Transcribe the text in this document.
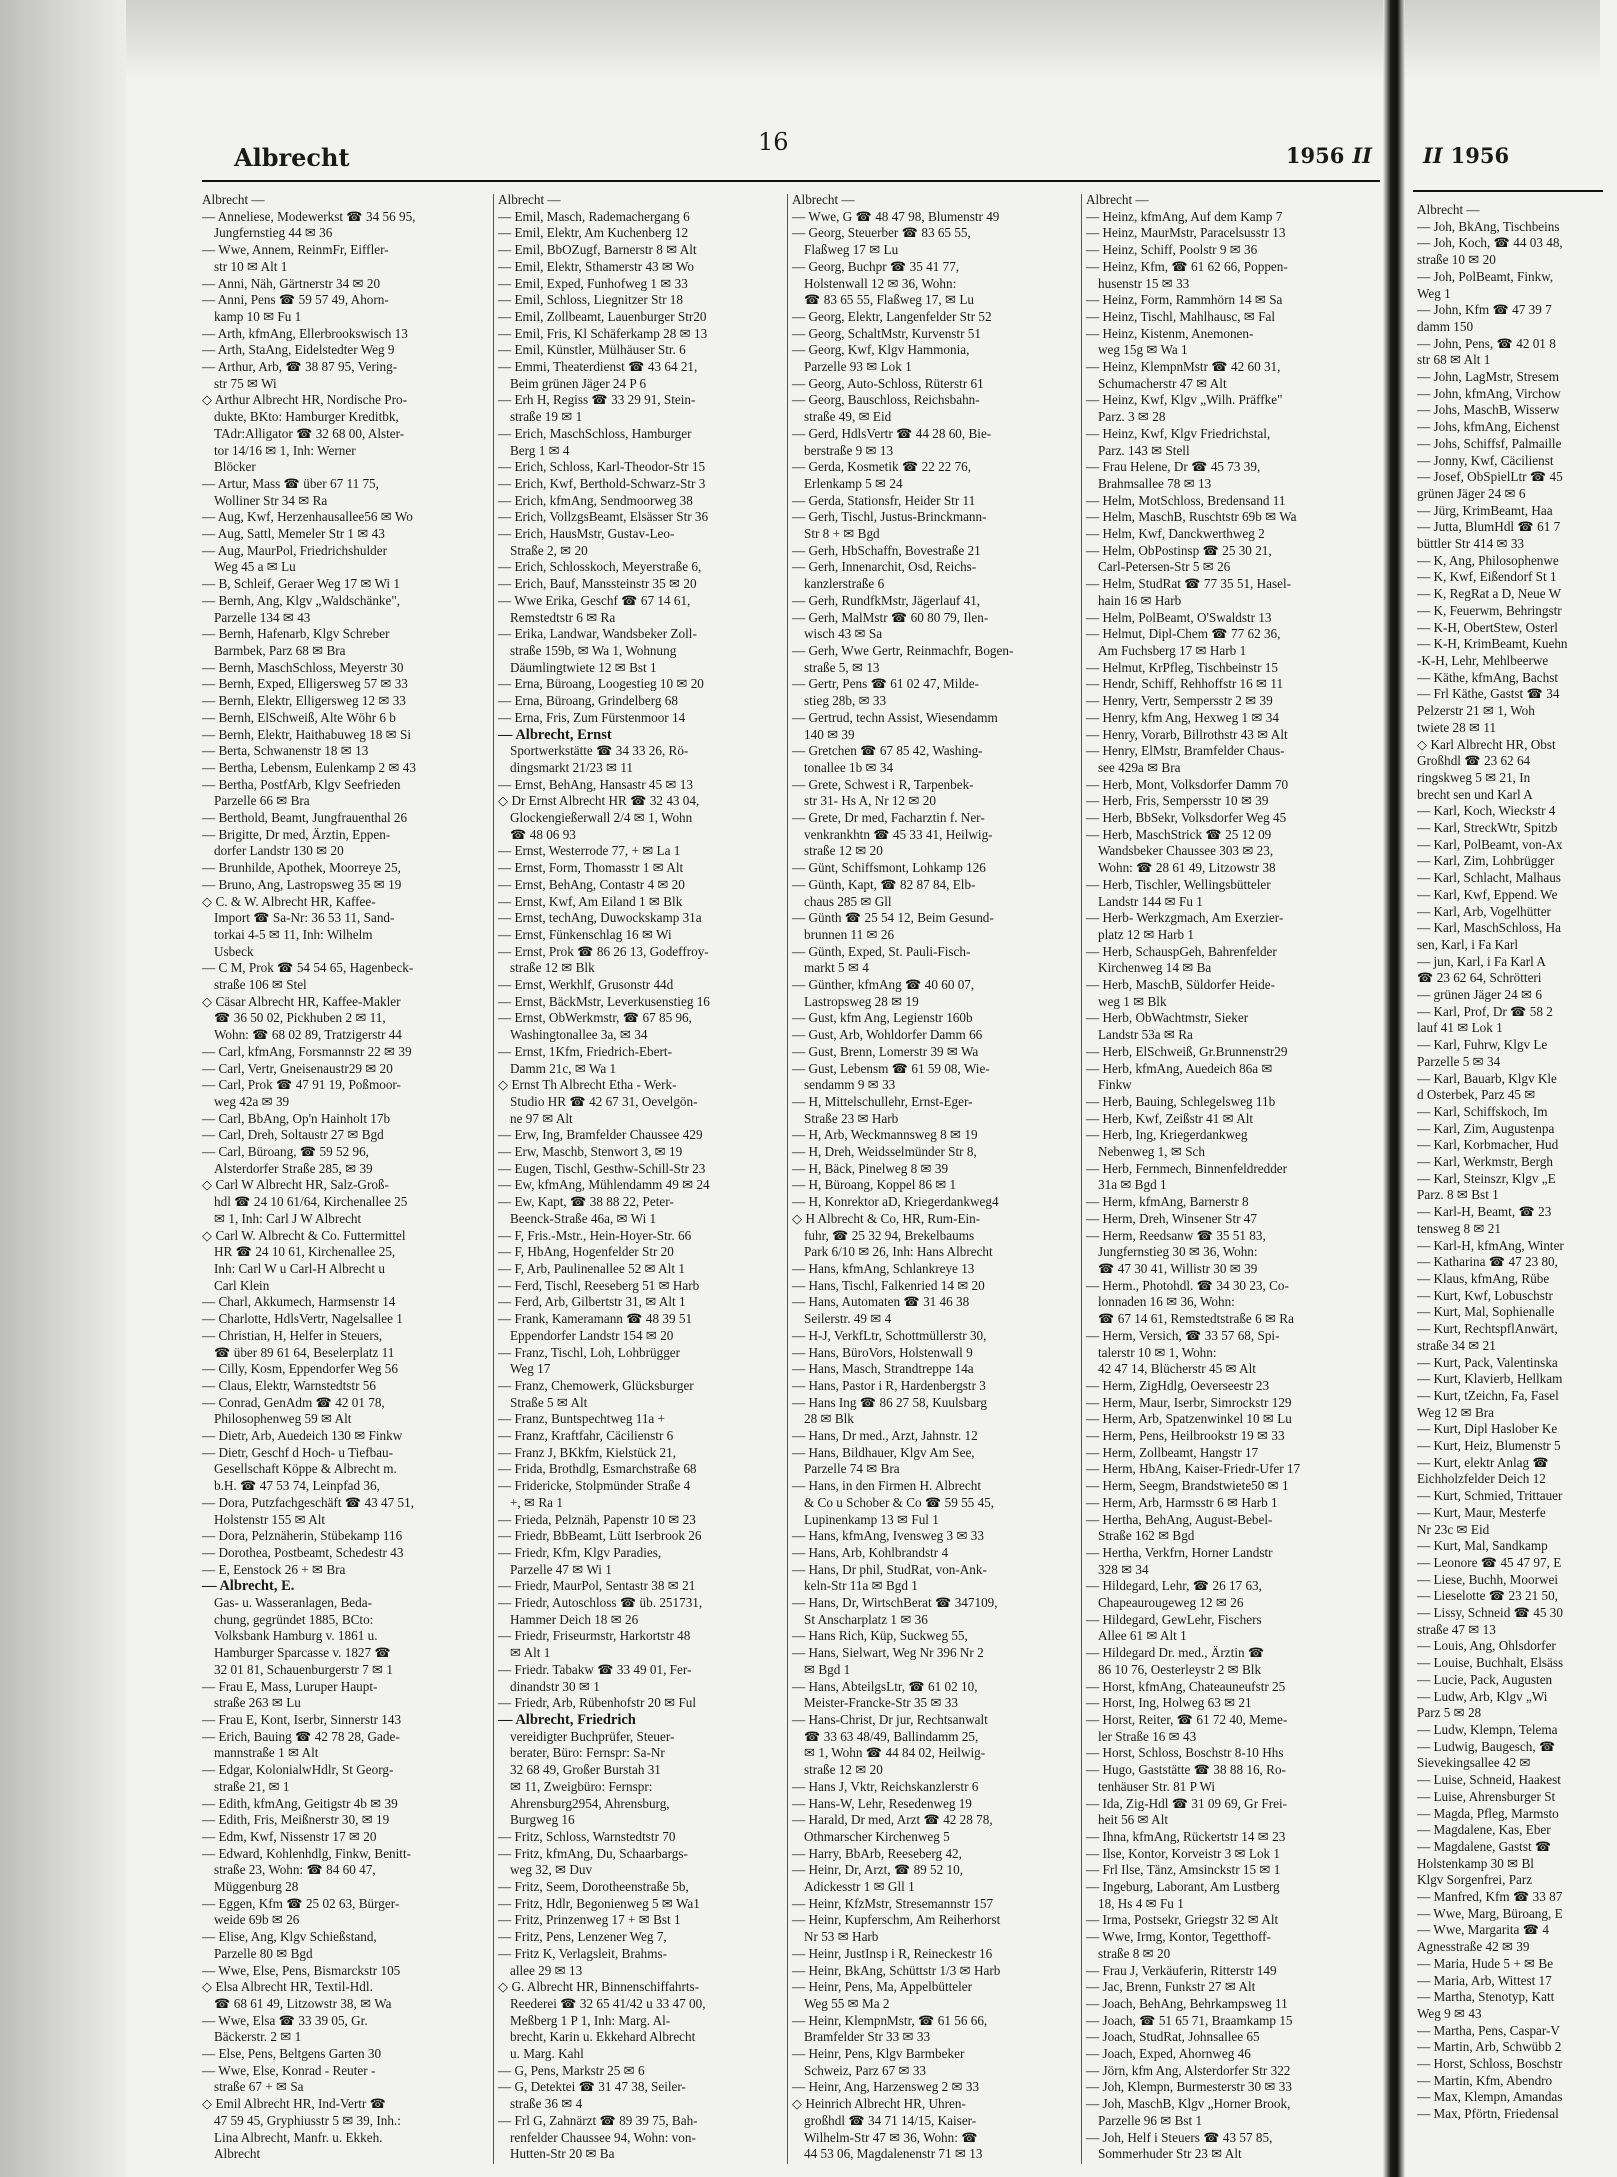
Albrecht
16	1956 II
Albrecht —
— Anneliese, Modewerkst ☎ 34 56 95,
Jungfernstieg 44 ✉ 36
— Wwe, Annem, ReinmFr, Eiffler-
str 10 ✉ Alt 1
— Anni, Näh, Gärtnerstr 34 ✉ 20
— Anni, Pens ☎ 59 57 49, Ahorn-
kamp 10 ✉ Fu 1
— Arth, kfmAng, Ellerbrookswisch 13
— Arth, StaAng, Eidelstedter Weg 9
— Arthur, Arb, ☎ 38 87 95, Vering-
str 75 ✉ Wi
◇ Arthur Albrecht HR, Nordische Pro-
dukte, BKto: Hamburger Kreditbk,
TAdr:Alligator ☎ 32 68 00, Alster-
tor 14/16 ✉ 1, Inh: Werner
Blöcker
— Artur, Mass ☎ über 67 11 75,
Wolliner Str 34 ✉ Ra
— Aug, Kwf, Herzenhausallee56 ✉ Wo
— Aug, Sattl, Memeler Str 1 ✉ 43
— Aug, MaurPol, Friedrichshulder
Weg 45 a ✉ Lu
— B, Schleif, Geraer Weg 17 ✉ Wi 1
— Bernh, Ang, Klgv „Waldschänke",
Parzelle 134 ✉ 43
— Bernh, Hafenarb, Klgv Schreber
Barmbek, Parz 68 ✉ Bra
— Bernh, MaschSchloss, Meyerstr 30
— Bernh, Exped, Elligersweg 57 ✉ 33
— Bernh, Elektr, Elligersweg 12 ✉ 33
— Bernh, ElSchweiß, Alte Wöhr 6 b
— Bernh, Elektr, Haithabuweg 18 ✉ Si
— Berta, Schwanenstr 18 ✉ 13
— Bertha, Lebensm, Eulenkamp 2 ✉ 43
— Bertha, PostfArb, Klgv Seefrieden
Parzelle 66 ✉ Bra
— Berthold, Beamt, Jungfrauenthal 26
— Brigitte, Dr med, Ärztin, Eppen-
dorfer Landstr 130 ✉ 20
— Brunhilde, Apothek, Moorreye 25,
— Bruno, Ang, Lastropsweg 35 ✉ 19
◇ C. & W. Albrecht HR, Kaffee-
Import ☎ Sa-Nr: 36 53 11, Sand-
torkai 4-5 ✉ 11, Inh: Wilhelm
Usbeck
— C M, Prok ☎ 54 54 65, Hagenbeck-
straße 106 ✉ Stel
◇ Cäsar Albrecht HR, Kaffee-Makler
☎ 36 50 02, Pickhuben 2 ✉ 11,
Wohn: ☎ 68 02 89, Tratzigerstr 44
— Carl, kfmAng, Forsmannstr 22 ✉ 39
— Carl, Vertr, Gneisenaustr29 ✉ 20
— Carl, Prok ☎ 47 91 19, Poßmoor-
weg 42a ✉ 39
— Carl, BbAng, Op'n Hainholt 17b
— Carl, Dreh, Soltaustr 27 ✉ Bgd
— Carl, Büroang, ☎ 59 52 96,
Alsterdorfer Straße 285, ✉ 39
◇ Carl W Albrecht HR, Salz-Groß-
hdl ☎ 24 10 61/64, Kirchenallee 25
✉ 1, Inh: Carl J W Albrecht
◇ Carl W. Albrecht & Co. Futtermittel
HR ☎ 24 10 61, Kirchenallee 25,
Inh: Carl W u Carl-H Albrecht u
Carl Klein
— Charl, Akkumech, Harmsenstr 14
— Charlotte, HdlsVertr, Nagelsallee 1
— Christian, H, Helfer in Steuers,
☎ über 89 61 64, Beselerplatz 11
— Cilly, Kosm, Eppendorfer Weg 56
— Claus, Elektr, Warnstedtstr 56
— Conrad, GenAdm ☎ 42 01 78,
Philosophenweg 59 ✉ Alt
— Dietr, Arb, Auedeich 130 ✉ Finkw
— Dietr, Geschf d Hoch- u Tiefbau-
Gesellschaft Köppe & Albrecht m.
b.H. ☎ 47 53 74, Leinpfad 36,
— Dora, Putzfachgeschäft ☎ 43 47 51,
Holstenstr 155 ✉ Alt
— Dora, Pelznäherin, Stübekamp 116
— Dorothea, Postbeamt, Schedestr 43
— E, Eenstock 26 + ✉ Bra
— Albrecht, E.
Gas- u. Wasseranlagen, Beda-
chung, gegründet 1885, BCto:
Volksbank Hamburg v. 1861 u.
Hamburger Sparcasse v. 1827 ☎
32 01 81, Schauenburgerstr 7 ✉ 1
— Frau E, Mass, Luruper Haupt-
straße 263 ✉ Lu
— Frau E, Kont, Iserbr, Sinnerstr 143
— Erich, Bauing ☎ 42 78 28, Gade-
mannstraße 1 ✉ Alt
— Edgar, KolonialwHdlr, St Georg-
straße 21, ✉ 1
— Edith, kfmAng, Geitigstr 4b ✉ 39
— Edith, Fris, Meißnerstr 30, ✉ 19
— Edm, Kwf, Nissenstr 17 ✉ 20
— Edward, Kohlenhdlg, Finkw, Benitt-
straße 23, Wohn: ☎ 84 60 47,
Müggenburg 28
— Eggen, Kfm ☎ 25 02 63, Bürger-
weide 69b ✉ 26
— Elise, Ang, Klgv Schießstand,
Parzelle 80 ✉ Bgd
— Wwe, Else, Pens, Bismarckstr 105
◇ Elsa Albrecht HR, Textil-Hdl.
☎ 68 61 49, Litzowstr 38, ✉ Wa
— Wwe, Elsa ☎ 33 39 05, Gr.
Bäckerstr. 2 ✉ 1
— Else, Pens, Beltgens Garten 30
— Wwe, Else, Konrad - Reuter -
straße 67 + ✉ Sa
◇ Emil Albrecht HR, Ind-Vertr ☎
47 59 45, Gryphiusstr 5 ✉ 39, Inh.:
Lina Albrecht, Manfr. u. Ekkeh.
Albrecht
Albrecht —
— Emil, Masch, Rademachergang 6
— Emil, Elektr, Am Kuchenberg 12
— Emil, BbOZugf, Barnerstr 8 ✉ Alt
— Emil, Elektr, Sthamerstr 43 ✉ Wo
— Emil, Exped, Funhofweg 1 ✉ 33
— Emil, Schloss, Liegnitzer Str 18
— Emil, Zollbeamt, Lauenburger Str20
— Emil, Fris, Kl Schäferkamp 28 ✉ 13
— Emil, Künstler, Mülhäuser Str. 6
— Emmi, Theaterdienst ☎ 43 64 21,
Beim grünen Jäger 24 P 6
— Erh H, Regiss ☎ 33 29 91, Stein-
straße 19 ✉ 1
— Erich, MaschSchloss, Hamburger
Berg 1 ✉ 4
— Erich, Schloss, Karl-Theodor-Str 15
— Erich, Kwf, Berthold-Schwarz-Str 3
— Erich, kfmAng, Sendmoorweg 38
— Erich, VollzgsBeamt, Elsässer Str 36
— Erich, HausMstr, Gustav-Leo-
Straße 2, ✉ 20
— Erich, Schlosskoch, Meyerstraße 6,
— Erich, Bauf, Manssteinstr 35 ✉ 20
— Wwe Erika, Geschf ☎ 67 14 61,
Remstedtstr 6 ✉ Ra
— Erika, Landwar, Wandsbeker Zoll-
straße 159b, ✉ Wa 1, Wohnung
Däumlingtwiete 12 ✉ Bst 1
— Erna, Büroang, Loogestieg 10 ✉ 20
— Erna, Büroang, Grindelberg 68
— Erna, Fris, Zum Fürstenmoor 14
— Albrecht, Ernst
Sportwerkstätte ☎ 34 33 26, Rö-
dingsmarkt 21/23 ✉ 11
— Ernst, BehAng, Hansastr 45 ✉ 13
◇ Dr Ernst Albrecht HR ☎ 32 43 04,
Glockengießerwall 2/4 ✉ 1, Wohn
☎ 48 06 93
— Ernst, Westerrode 77, + ✉ La 1
— Ernst, Form, Thomasstr 1 ✉ Alt
— Ernst, BehAng, Contastr 4 ✉ 20
— Ernst, Kwf, Am Eiland 1 ✉ Blk
— Ernst, techAng, Duwockskamp 31a
— Ernst, Fünkenschlag 16 ✉ Wi
— Ernst, Prok ☎ 86 26 13, Godeffroy-
straße 12 ✉ Blk
— Ernst, Werkhlf, Grusonstr 44d
— Ernst, BäckMstr, Leverkusenstieg 16
— Ernst, ObWerkmstr, ☎ 67 85 96,
Washingtonallee 3a, ✉ 34
— Ernst, 1Kfm, Friedrich-Ebert-
Damm 21c, ✉ Wa 1
◇ Ernst Th Albrecht Etha - Werk-
Studio HR ☎ 42 67 31, Oevelgön-
ne 97 ✉ Alt
— Erw, Ing, Bramfelder Chaussee 429
— Erw, Maschb, Stenwort 3, ✉ 19
— Eugen, Tischl, Gesthw-Schill-Str 23
— Ew, kfmAng, Mühlendamm 49 ✉ 24
— Ew, Kapt, ☎ 38 88 22, Peter-
Beenck-Straße 46a, ✉ Wi 1
— F, Fris.-Mstr., Hein-Hoyer-Str. 66
— F, HbAng, Hogenfelder Str 20
— F, Arb, Paulinenallee 52 ✉ Alt 1
— Ferd, Tischl, Reeseberg 51 ✉ Harb
— Ferd, Arb, Gilbertstr 31, ✉ Alt 1
— Frank, Kameramann ☎ 48 39 51
Eppendorfer Landstr 154 ✉ 20
— Franz, Tischl, Loh, Lohbrügger
Weg 17
— Franz, Chemowerk, Glücksburger
Straße 5 ✉ Alt
— Franz, Buntspechtweg 11a +
— Franz, Kraftfahr, Cäcilienstr 6
— Franz J, BKkfm, Kielstück 21,
— Frida, Brothdlg, Esmarchstraße 68
— Fridericke, Stolpmünder Straße 4
+, ✉ Ra 1
— Frieda, Pelznäh, Papenstr 10 ✉ 23
— Friedr, BbBeamt, Lütt Iserbrook 26
— Friedr, Kfm, Klgv Paradies,
Parzelle 47 ✉ Wi 1
— Friedr, MaurPol, Sentastr 38 ✉ 21
— Friedr, Autoschloss ☎ üb. 251731,
Hammer Deich 18 ✉ 26
— Friedr, Friseurmstr, Harkortstr 48
✉ Alt 1
— Friedr. Tabakw ☎ 33 49 01, Fer-
dinandstr 30 ✉ 1
— Friedr, Arb, Rübenhofstr 20 ✉ Ful
— Albrecht, Friedrich
vereidigter Buchprüfer, Steuer-
berater, Büro: Fernspr: Sa-Nr
32 68 49, Großer Burstah 31
✉ 11, Zweigbüro: Fernspr:
Ahrensburg2954, Ahrensburg,
Burgweg 16
— Fritz, Schloss, Warnstedtstr 70
— Fritz, kfmAng, Du, Schaarbargs-
weg 32, ✉ Duv
— Fritz, Seem, Dorotheenstraße 5b,
— Fritz, Hdlr, Begonienweg 5 ✉ Wa1
— Fritz, Prinzenweg 17 + ✉ Bst 1
— Fritz, Pens, Lenzener Weg 7,
— Fritz K, Verlagsleit, Brahms-
allee 29 ✉ 13
◇ G. Albrecht HR, Binnenschiffahrts-
Reederei ☎ 32 65 41/42 u 33 47 00,
Meßberg 1 P 1, Inh: Marg. Al-
brecht, Karin u. Ekkehard Albrecht
u. Marg. Kahl
— G, Pens, Markstr 25 ✉ 6
— G, Detektei ☎ 31 47 38, Seiler-
straße 36 ✉ 4
— Frl G, Zahnärzt ☎ 89 39 75, Bah-
renfelder Chaussee 94, Wohn: von-
Hutten-Str 20 ✉ Ba
Albrecht —
— Wwe, G ☎ 48 47 98, Blumenstr 49
— Georg, Steuerber ☎ 83 65 55,
Flaßweg 17 ✉ Lu
— Georg, Buchpr ☎ 35 41 77,
Holstenwall 12 ✉ 36, Wohn:
☎ 83 65 55, Flaßweg 17, ✉ Lu
— Georg, Elektr, Langenfelder Str 52
— Georg, SchaltMstr, Kurvenstr 51
— Georg, Kwf, Klgv Hammonia,
Parzelle 93 ✉ Lok 1
— Georg, Auto-Schloss, Rüterstr 61
— Georg, Bauschloss, Reichsbahn-
straße 49, ✉ Eid
— Gerd, HdlsVertr ☎ 44 28 60, Bie-
berstraße 9 ✉ 13
— Gerda, Kosmetik ☎ 22 22 76,
Erlenkamp 5 ✉ 24
— Gerda, Stationsfr, Heider Str 11
— Gerh, Tischl, Justus-Brinckmann-
Str 8 + ✉ Bgd
— Gerh, HbSchaffn, Bovestraße 21
— Gerh, Innenarchit, Osd, Reichs-
kanzlerstraße 6
— Gerh, RundfkMstr, Jägerlauf 41,
— Gerh, MalMstr ☎ 60 80 79, Ilen-
wisch 43 ✉ Sa
— Gerh, Wwe Gertr, Reinmachfr, Bogen-
straße 5, ✉ 13
— Gertr, Pens ☎ 61 02 47, Milde-
stieg 28b, ✉ 33
— Gertrud, techn Assist, Wiesendamm
140 ✉ 39
— Gretchen ☎ 67 85 42, Washing-
tonallee 1b ✉ 34
— Grete, Schwest i R, Tarpenbek-
str 31- Hs A, Nr 12 ✉ 20
— Grete, Dr med, Facharztin f. Ner-
venkrankhtn ☎ 45 33 41, Heilwig-
straße 12 ✉ 20
— Günt, Schiffsmont, Lohkamp 126
— Günth, Kapt, ☎ 82 87 84, Elb-
chaus 285 ✉ Gll
— Günth ☎ 25 54 12, Beim Gesund-
brunnen 11 ✉ 26
— Günth, Exped, St. Pauli-Fisch-
markt 5 ✉ 4
— Günther, kfmAng ☎ 40 60 07,
Lastropsweg 28 ✉ 19
— Gust, kfm Ang, Legienstr 160b
— Gust, Arb, Wohldorfer Damm 66
— Gust, Brenn, Lomerstr 39 ✉ Wa
— Gust, Lebensm ☎ 61 59 08, Wie-
sendamm 9 ✉ 33
— H, Mittelschullehr, Ernst-Eger-
Straße 23 ✉ Harb
— H, Arb, Weckmannsweg 8 ✉ 19
— H, Dreh, Weidsselmünder Str 8,
— H, Bäck, Pinelweg 8 ✉ 39
— H, Büroang, Koppel 86 ✉ 1
— H, Konrektor aD, Kriegerdankweg4
◇ H Albrecht & Co, HR, Rum-Ein-
fuhr, ☎ 25 32 94, Brekelbaums
Park 6/10 ✉ 26, Inh: Hans Albrecht
— Hans, kfmAng, Schlankreye 13
— Hans, Tischl, Falkenried 14 ✉ 20
— Hans, Automaten ☎ 31 46 38
Seilerstr. 49 ✉ 4
— H-J, VerkfLtr, Schottmüllerstr 30,
— Hans, BüroVors, Holstenwall 9
— Hans, Masch, Strandtreppe 14a
— Hans, Pastor i R, Hardenbergstr 3
— Hans Ing ☎ 86 27 58, Kuulsbarg
28 ✉ Blk
— Hans, Dr med., Arzt, Jahnstr. 12
— Hans, Bildhauer, Klgv Am See,
Parzelle 74 ✉ Bra
— Hans, in den Firmen H. Albrecht
& Co u Schober & Co ☎ 59 55 45,
Lupinenkamp 13 ✉ Ful 1
— Hans, kfmAng, Ivensweg 3 ✉ 33
— Hans, Arb, Kohlbrandstr 4
— Hans, Dr phil, StudRat, von-Ank-
keln-Str 11a ✉ Bgd 1
— Hans, Dr, WirtschBerat ☎ 347109,
St Anscharplatz 1 ✉ 36
— Hans Rich, Küp, Suckweg 55,
— Hans, Sielwart, Weg Nr 396 Nr 2
✉ Bgd 1
— Hans, AbteilgsLtr, ☎ 61 02 10,
Meister-Francke-Str 35 ✉ 33
— Hans-Christ, Dr jur, Rechtsanwalt
☎ 33 63 48/49, Ballindamm 25,
✉ 1, Wohn ☎ 44 84 02, Heilwig-
straße 12 ✉ 20
— Hans J, Vktr, Reichskanzlerstr 6
— Hans-W, Lehr, Resedenweg 19
— Harald, Dr med, Arzt ☎ 42 28 78,
Othmarscher Kirchenweg 5
— Harry, BbArb, Reeseberg 42,
— Heinr, Dr, Arzt, ☎ 89 52 10,
Adickesstr 1 ✉ Gll 1
— Heinr, KfzMstr, Stresemannstr 157
— Heinr, Kupferschm, Am Reiherhorst
Nr 53 ✉ Harb
— Heinr, JustInsp i R, Reineckestr 16
— Heinr, BkAng, Schüttstr 1/3 ✉ Harb
— Heinr, Pens, Ma, Appelbütteler
Weg 55 ✉ Ma 2
— Heinr, KlempnMstr, ☎ 61 56 66,
Bramfelder Str 33 ✉ 33
— Heinr, Pens, Klgv Barmbeker
Schweiz, Parz 67 ✉ 33
— Heinr, Ang, Harzensweg 2 ✉ 33
◇ Heinrich Albrecht HR, Uhren-
großhdl ☎ 34 71 14/15, Kaiser-
Wilhelm-Str 47 ✉ 36, Wohn: ☎
44 53 06, Magdalenenstr 71 ✉ 13
Albrecht —
— Heinz, kfmAng, Auf dem Kamp 7
— Heinz, MaurMstr, Paracelsusstr 13
— Heinz, Schiff, Poolstr 9 ✉ 36
— Heinz, Kfm, ☎ 61 62 66, Poppen-
husenstr 15 ✉ 33
— Heinz, Form, Rammhörn 14 ✉ Sa
— Heinz, Tischl, Mahlhausc, ✉ Fal
— Heinz, Kistenm, Anemonen-
weg 15g ✉ Wa 1
— Heinz, KlempnMstr ☎ 42 60 31,
Schumacherstr 47 ✉ Alt
— Heinz, Kwf, Klgv „Wilh. Präffke"
Parz. 3 ✉ 28
— Heinz, Kwf, Klgv Friedrichstal,
Parz. 143 ✉ Stell
— Frau Helene, Dr ☎ 45 73 39,
Brahmsallee 78 ✉ 13
— Helm, MotSchloss, Bredensand 11
— Helm, MaschB, Ruschtstr 69b ✉ Wa
— Helm, Kwf, Danckwerthweg 2
— Helm, ObPostinsp ☎ 25 30 21,
Carl-Petersen-Str 5 ✉ 26
— Helm, StudRat ☎ 77 35 51, Hasel-
hain 16 ✉ Harb
— Helm, PolBeamt, O'Swaldstr 13
— Helmut, Dipl-Chem ☎ 77 62 36,
Am Fuchsberg 17 ✉ Harb 1
— Helmut, KrPfleg, Tischbeinstr 15
— Hendr, Schiff, Rehhoffstr 16 ✉ 11
— Henry, Vertr, Sempersstr 2 ✉ 39
— Henry, kfm Ang, Hexweg 1 ✉ 34
— Henry, Vorarb, Billrothstr 43 ✉ Alt
— Henry, ElMstr, Bramfelder Chaus-
see 429a ✉ Bra
— Herb, Mont, Volksdorfer Damm 70
— Herb, Fris, Sempersstr 10 ✉ 39
— Herb, BbSekr, Volksdorfer Weg 45
— Herb, MaschStrick ☎ 25 12 09
Wandsbeker Chaussee 303 ✉ 23,
Wohn: ☎ 28 61 49, Litzowstr 38
— Herb, Tischler, Wellingsbütteler
Landstr 144 ✉ Fu 1
— Herb- Werkzgmach, Am Exerzier-
platz 12 ✉ Harb 1
— Herb, SchauspGeh, Bahrenfelder
Kirchenweg 14 ✉ Ba
— Herb, MaschB, Süldorfer Heide-
weg 1 ✉ Blk
— Herb, ObWachtmstr, Sieker
Landstr 53a ✉ Ra
— Herb, ElSchweiß, Gr.Brunnenstr29
— Herb, kfmAng, Auedeich 86a ✉
Finkw
— Herb, Bauing, Schlegelsweg 11b
— Herb, Kwf, Zeißstr 41 ✉ Alt
— Herb, Ing, Kriegerdankweg
Nebenweg 1, ✉ Sch
— Herb, Fernmech, Binnenfeldredder
31a ✉ Bgd 1
— Herm, kfmAng, Barnerstr 8
— Herm, Dreh, Winsener Str 47
— Herm, Reedsanw ☎ 35 51 83,
Jungfernstieg 30 ✉ 36, Wohn:
☎ 47 30 41, Willistr 30 ✉ 39
— Herm., Photohdl. ☎ 34 30 23, Co-
lonnaden 16 ✉ 36, Wohn:
☎ 67 14 61, Remstedtstraße 6 ✉ Ra
— Herm, Versich, ☎ 33 57 68, Spi-
talerstr 10 ✉ 1, Wohn:
42 47 14, Blücherstr 45 ✉ Alt
— Herm, ZigHdlg, Oeverseestr 23
— Herm, Maur, Iserbr, Simrockstr 129
— Herm, Arb, Spatzenwinkel 10 ✉ Lu
— Herm, Pens, Heilbrookstr 19 ✉ 33
— Herm, Zollbeamt, Hangstr 17
— Herm, HbAng, Kaiser-Friedr-Ufer 17
— Herm, Seegm, Brandstwiete50 ✉ 1
— Herm, Arb, Harmsstr 6 ✉ Harb 1
— Hertha, BehAng, August-Bebel-
Straße 162 ✉ Bgd
— Hertha, Verkfrn, Horner Landstr
328 ✉ 34
— Hildegard, Lehr, ☎ 26 17 63,
Chapeaurougeweg 12 ✉ 26
— Hildegard, GewLehr, Fischers
Allee 61 ✉ Alt 1
— Hildegard Dr. med., Ärztin ☎
86 10 76, Oesterleystr 2 ✉ Blk
— Horst, kfmAng, Chateauneufstr 25
— Horst, Ing, Holweg 63 ✉ 21
— Horst, Reiter, ☎ 61 72 40, Meme-
ler Straße 16 ✉ 43
— Horst, Schloss, Boschstr 8-10 Hhs
— Hugo, Gaststätte ☎ 38 88 16, Ro-
tenhäuser Str. 81 P Wi
— Ida, Zig-Hdl ☎ 31 09 69, Gr Frei-
heit 56 ✉ Alt
— Ihna, kfmAng, Rückertstr 14 ✉ 23
— Ilse, Kontor, Korveistr 3 ✉ Lok 1
— Frl Ilse, Tänz, Amsinckstr 15 ✉ 1
— Ingeburg, Laborant, Am Lustberg
18, Hs 4 ✉ Fu 1
— Irma, Postsekr, Griegstr 32 ✉ Alt
— Wwe, Irmg, Kontor, Tegetthoff-
straße 8 ✉ 20
— Frau J, Verkäuferin, Ritterstr 149
— Jac, Brenn, Funkstr 27 ✉ Alt
— Joach, BehAng, Behrkampsweg 11
— Joach, ☎ 51 65 71, Braamkamp 15
— Joach, StudRat, Johnsallee 65
— Joach, Exped, Ahornweg 46
— Jörn, kfm Ang, Alsterdorfer Str 322
— Joh, Klempn, Burmesterstr 30 ✉ 33
— Joh, MaschB, Klgv „Horner Brook,
Parzelle 96 ✉ Bst 1
— Joh, Helf i Steuers ☎ 43 57 85,
Sommerhuder Str 23 ✉ Alt
II 1956
Albrecht —
— Joh, BkAng, Tischbeins
— Joh, Koch, ☎ 44 03 48,
straße 10 ✉ 20
— Joh, PolBeamt, Finkw,
Weg 1
— John, Kfm ☎ 47 39 7
damm 150
— John, Pens, ☎ 42 01 8
str 68 ✉ Alt 1
— John, LagMstr, Stresem
— John, kfmAng, Virchow
— Johs, MaschB, Wisserw
— Johs, kfmAng, Eichenst
— Johs, Schiffsf, Palmaille
— Jonny, Kwf, Cäcilienst
— Josef, ObSpielLtr ☎ 45
grünen Jäger 24 ✉ 6
— Jürg, KrimBeamt, Haa
— Jutta, BlumHdl ☎ 61 7
büttler Str 414 ✉ 33
— K, Ang, Philosophenwe
— K, Kwf, Eißendorf St 1
— K, RegRat a D, Neue W
— K, Feuerwm, Behringstr
— K-H, ObertStew, Osterl
— K-H, KrimBeamt, Kuehn
-K-H, Lehr, Mehlbeerwe
— Käthe, kfmAng, Bachst
— Frl Käthe, Gastst ☎ 34
Pelzerstr 21 ✉ 1, Woh
twiete 28 ✉ 11
◇ Karl Albrecht HR, Obst
Großhdl ☎ 23 62 64
ringskweg 5 ✉ 21, In
brecht sen und Karl A
— Karl, Koch, Wieckstr 4
— Karl, StreckWtr, Spitzb
— Karl, PolBeamt, von-Ax
— Karl, Zim, Lohbrügger
— Karl, Schlacht, Malhaus
— Karl, Kwf, Eppend. We
— Karl, Arb, Vogelhütter
— Karl, MaschSchloss, Ha
sen, Karl, i Fa Karl
— jun, Karl, i Fa Karl A
☎ 23 62 64, Schrötteri
— grünen Jäger 24 ✉ 6
— Karl, Prof, Dr ☎ 58 2
lauf 41 ✉ Lok 1
— Karl, Fuhrw, Klgv Le
Parzelle 5 ✉ 34
— Karl, Bauarb, Klgv Kle
d Osterbek, Parz 45 ✉
— Karl, Schiffskoch, Im
— Karl, Zim, Augustenpa
— Karl, Korbmacher, Hud
— Karl, Werkmstr, Bergh
— Karl, Steinszr, Klgv „E
Parz. 8 ✉ Bst 1
— Karl-H, Beamt, ☎ 23
tensweg 8 ✉ 21
— Karl-H, kfmAng, Winter
— Katharina ☎ 47 23 80,
— Klaus, kfmAng, Rübe
— Kurt, Kwf, Lobuschstr
— Kurt, Mal, Sophienalle
— Kurt, RechtspflAnwärt,
straße 34 ✉ 21
— Kurt, Pack, Valentinska
— Kurt, Klavierb, Hellkam
— Kurt, tZeichn, Fa, Fasel
Weg 12 ✉ Bra
— Kurt, Dipl Haslober Ke
— Kurt, Heiz, Blumenstr 5
— Kurt, elektr Anlag ☎
Eichholzfelder Deich 12
— Kurt, Schmied, Trittauer
— Kurt, Maur, Mesterfe
Nr 23c ✉ Eid
— Kurt, Mal, Sandkamp
— Leonore ☎ 45 47 97, E
— Liese, Buchh, Moorwei
— Lieselotte ☎ 23 21 50,
— Lissy, Schneid ☎ 45 30
straße 47 ✉ 13
— Louis, Ang, Ohlsdorfer
— Louise, Buchhalt, Elsäss
— Lucie, Pack, Augusten
— Ludw, Arb, Klgv „Wi
Parz 5 ✉ 28
— Ludw, Klempn, Telema
— Ludwig, Baugesch, ☎
Sievekingsallee 42 ✉
— Luise, Schneid, Haakest
— Luise, Ahrensburger St
— Magda, Pfleg, Marmsto
— Magdalene, Kas, Eber
— Magdalene, Gastst ☎
Holstenkamp 30 ✉ Bl
Klgv Sorgenfrei, Parz
— Manfred, Kfm ☎ 33 87
— Wwe, Marg, Büroang, E
— Wwe, Margarita ☎ 4
Agnesstraße 42 ✉ 39
— Maria, Hude 5 + ✉ Be
— Maria, Arb, Wittest 17
— Martha, Stenotyp, Katt
Weg 9 ✉ 43
— Martha, Pens, Caspar-V
— Martin, Arb, Schwübb 2
— Horst, Schloss, Boschstr
— Martin, Kfm, Abendro
— Max, Klempn, Amandas
— Max, Pförtn, Friedensal
